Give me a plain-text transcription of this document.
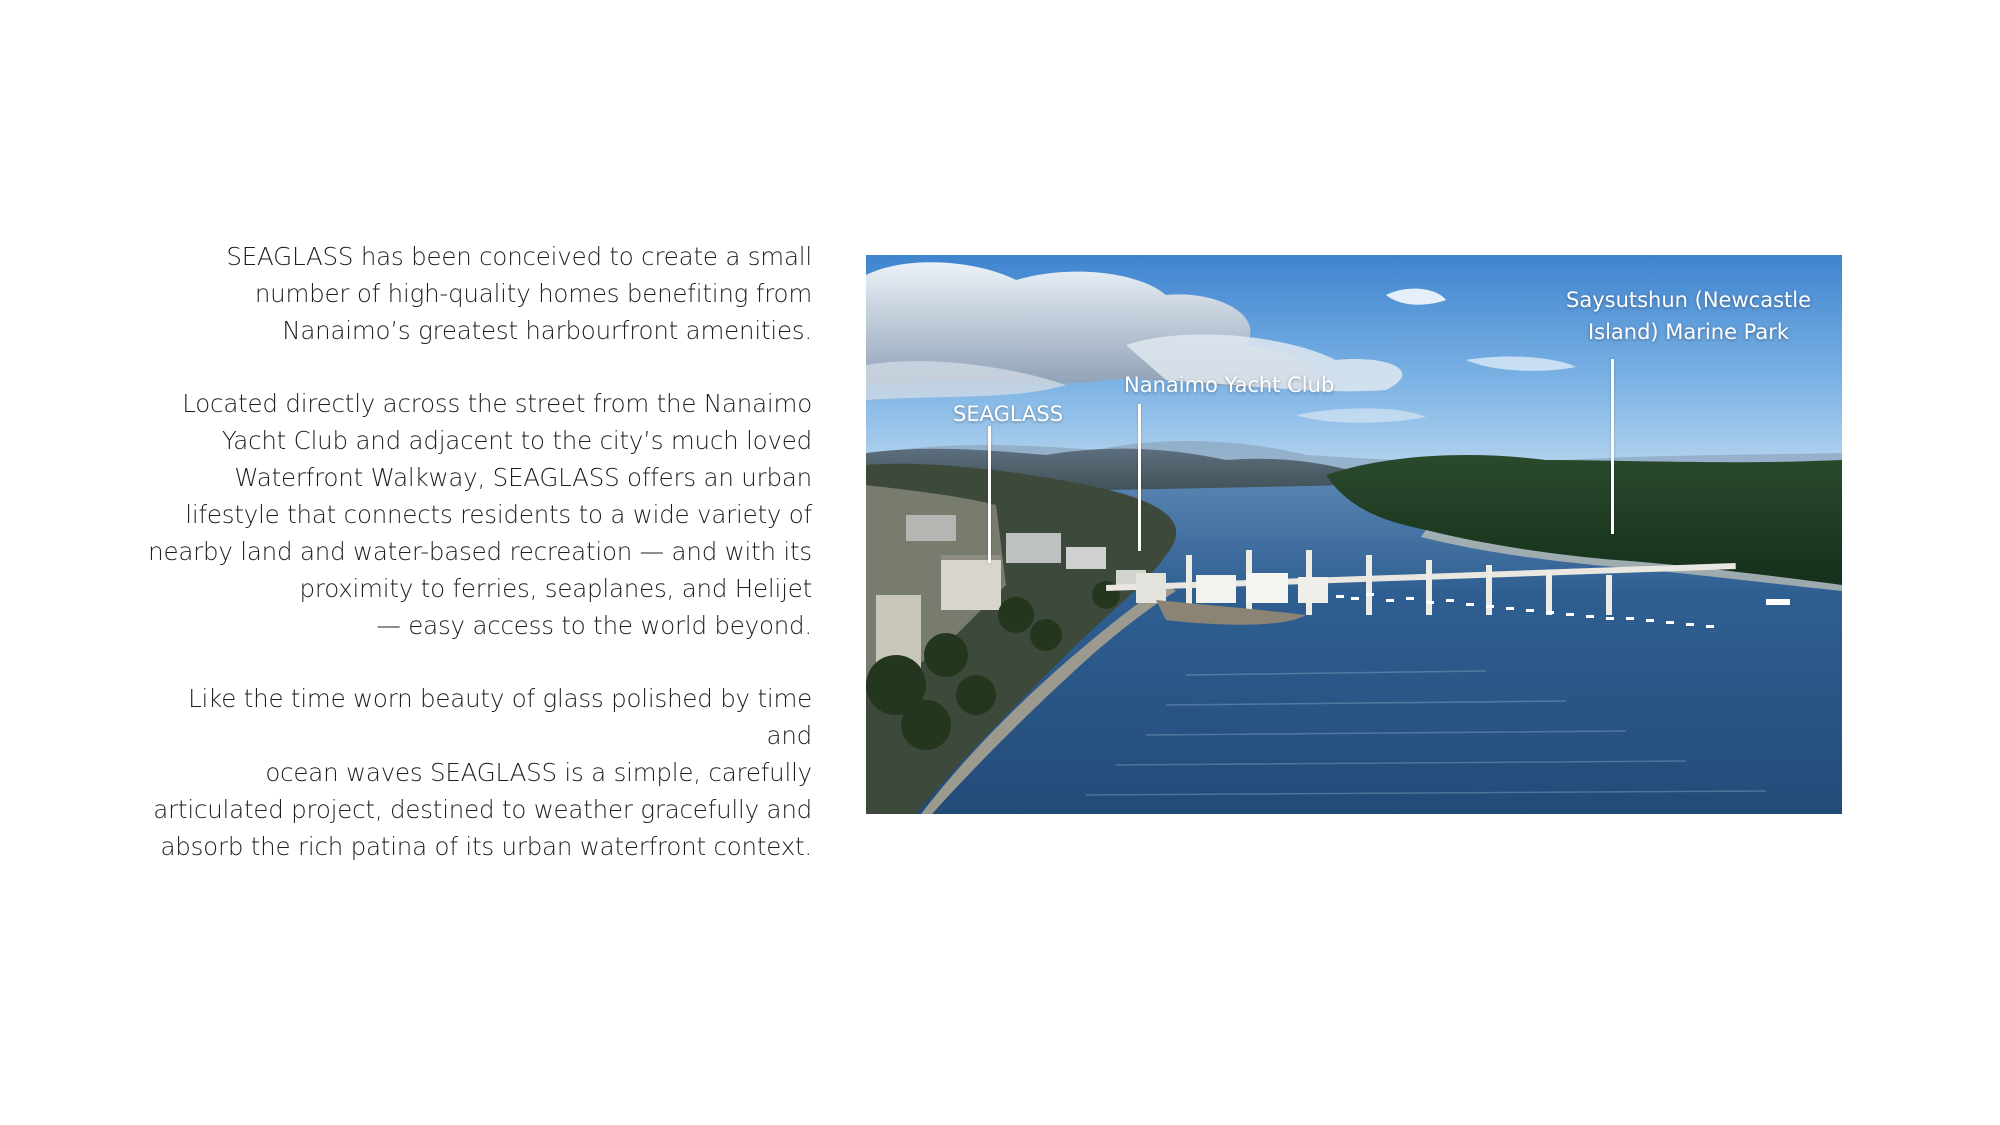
SEAGLASS has been conceived to create a small
number of high-quality homes benefiting from
Nanaimo’s greatest harbourfront amenities.

Located directly across the street from the Nanaimo
Yacht Club and adjacent to the city’s much loved
Waterfront Walkway, SEAGLASS offers an urban
lifestyle that connects residents to a wide variety of
nearby land and water-based recreation — and with its
proximity to ferries, seaplanes, and Helijet
— easy access to the world beyond.

Like the time worn beauty of glass polished by time and
ocean waves SEAGLASS is a simple, carefully
articulated project, destined to weather gracefully and
absorb the rich patina of its urban waterfront context.

SEAGLASS
Nanaimo Yacht Club
Saysutshun (Newcastle
Island) Marine Park
